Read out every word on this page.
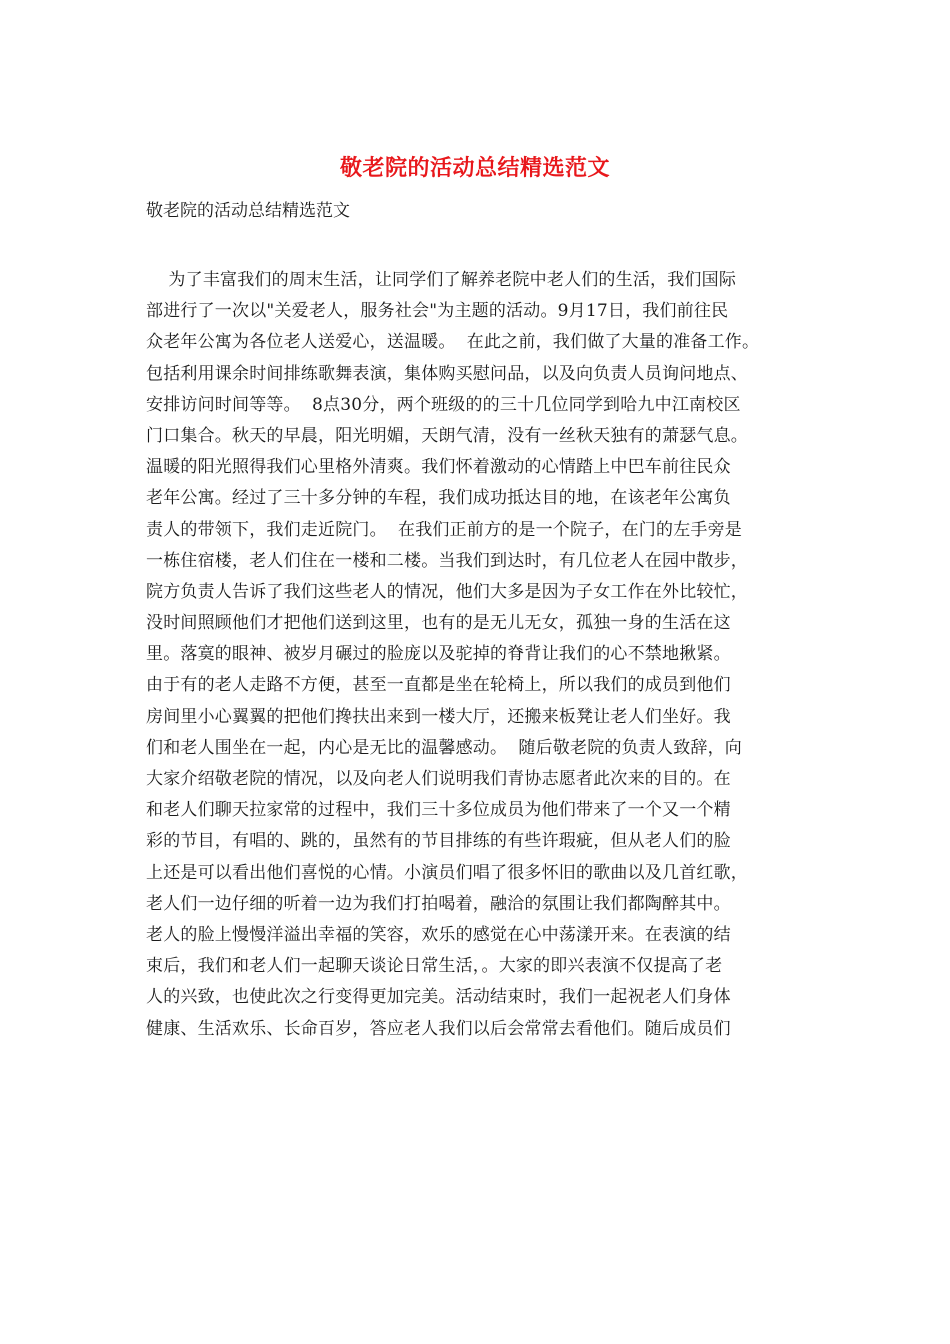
敬老院的活动总结精选范文
敬老院的活动总结精选范文
为了丰富我们的周末生活，让同学们了解养老院中老人们的生活，我们国际
部进行了一次以"关爱老人，服务社会"为主题的活动。9月17日，我们前往民
众老年公寓为各位老人送爱心，送温暖。  在此之前，我们做了大量的准备工作。
包括利用课余时间排练歌舞表演，集体购买慰问品，以及向负责人员询问地点、
安排访问时间等等。  8点30分，两个班级的的三十几位同学到哈九中江南校区
门口集合。秋天的早晨，阳光明媚，天朗气清，没有一丝秋天独有的萧瑟气息。
温暖的阳光照得我们心里格外清爽。我们怀着激动的心情踏上中巴车前往民众
老年公寓。经过了三十多分钟的车程，我们成功抵达目的地，在该老年公寓负
责人的带领下，我们走近院门。  在我们正前方的是一个院子，在门的左手旁是
一栋住宿楼，老人们住在一楼和二楼。当我们到达时，有几位老人在园中散步，
院方负责人告诉了我们这些老人的情况，他们大多是因为子女工作在外比较忙，
没时间照顾他们才把他们送到这里，也有的是无儿无女，孤独一身的生活在这
里。落寞的眼神、被岁月碾过的脸庞以及驼掉的脊背让我们的心不禁地揪紧。
由于有的老人走路不方便，甚至一直都是坐在轮椅上，所以我们的成员到他们
房间里小心翼翼的把他们搀扶出来到一楼大厅，还搬来板凳让老人们坐好。我
们和老人围坐在一起，内心是无比的温馨感动。  随后敬老院的负责人致辞，向
大家介绍敬老院的情况，以及向老人们说明我们青协志愿者此次来的目的。在
和老人们聊天拉家常的过程中，我们三十多位成员为他们带来了一个又一个精
彩的节目，有唱的、跳的，虽然有的节目排练的有些许瑕疵，但从老人们的脸
上还是可以看出他们喜悦的心情。小演员们唱了很多怀旧的歌曲以及几首红歌，
老人们一边仔细的听着一边为我们打拍喝着，融洽的氛围让我们都陶醉其中。
老人的脸上慢慢洋溢出幸福的笑容，欢乐的感觉在心中荡漾开来。在表演的结
束后，我们和老人们一起聊天谈论日常生活，。大家的即兴表演不仅提高了老
人的兴致，也使此次之行变得更加完美。活动结束时，我们一起祝老人们身体
健康、生活欢乐、长命百岁，答应老人我们以后会常常去看他们。随后成员们
